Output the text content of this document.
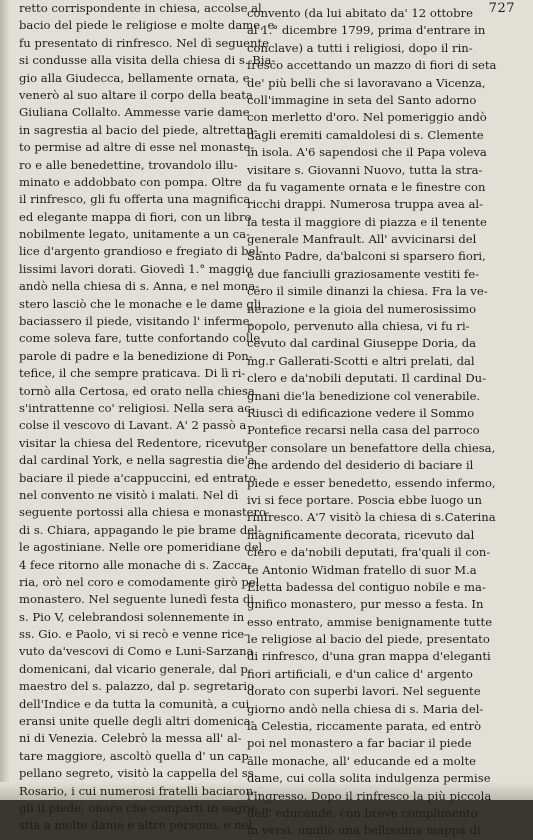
727
retto corrispondente in chiesa, accolse al
bacio del piede le religiose e molte dame, e
fu presentato di rinfresco. Nel dì seguente
si condusse alla visita della chiesa di s. Bia-
gio alla Giudecca, bellamente ornata, e
venerò al suo altare il corpo della beata
Giuliana Collalto. Ammesse varie dame
in sagrestia al bacio del piede, altrettan-
to permise ad altre di esse nel monaste-
ro e alle benedettine, trovandolo illu-
minato e addobbato con pompa. Oltre
il rinfresco, gli fu offerta una magnifica
ed elegante mappa di fiori, con un libro
nobilmente legato, unitamente a un ca-
lice d'argento grandioso e fregiato di bel-
lissimi lavori dorati. Giovedì 1.° maggio
andò nella chiesa di s. Anna, e nel mona-
stero lasciò che le monache e le dame gli
baciassero il piede, visitando l' inferme,
come soleva fare, tutte confortando colle
parole di padre e la benedizione di Pon-
tefice, il che sempre praticava. Di lì ri-
tornò alla Certosa, ed orato nella chiesa
s'intrattenne co' religiosi. Nella sera ac-
colse il vescovo di Lavant. A' 2 passò a
visitar la chiesa del Redentore, ricevuto
dal cardinal York, e nella sagrestia die'a
baciare il piede a'cappuccini, ed entrato
nel convento ne visitò i malati. Nel dì
seguente portossi alla chiesa e monastero
di s. Chiara, appagando le pie brame del-
le agostiniane. Nelle ore pomeridiane del
4 fece ritorno alle monache di s. Zacca-
ria, orò nel coro e comodamente girò pel
monastero. Nel seguente lunedì festa di
s. Pio V, celebrandosi solennemente in
ss. Gio. e Paolo, vi si recò e venne rice-
vuto da'vescovi di Como e Luni-Sarzana
domenicani, dal vicario generale, dal p.
maestro del s. palazzo, dal p. segretario
dell'Indice e da tutta la comunità, a cui
eransi unite quelle degli altri domenica-
ni di Venezia. Celebrò la messa all' al-
tare maggiore, ascoltò quella d' un cap-
pellano segreto, visitò la cappella del ss.
Rosario, i cui numerosi fratelli baciaron-
gli il piede; onore che comparti in sagre-
stia a molte dame e altre persone, e nel
convento (da lui abitato da' 12 ottobre
al 1.° dicembre 1799, prima d'entrare in
conclave) a tutti i religiosi, dopo il rin-
fresco accettando un mazzo di fiori di seta
de' più belli che si lavoravano a Vicenza,
coll'immagine in seta del Santo adorno
con merletto d'oro. Nel pomeriggio andò
dagli eremiti camaldolesi di s. Clemente
in isola. A'6 sapendosi che il Papa voleva
visitare s. Giovanni Nuovo, tutta la stra-
da fu vagamente ornata e le finestre con
ricchi drappi. Numerosa truppa avea al-
la testa il maggiore di piazza e il tenente
generale Manfrault. All' avvicinarsi del
Santo Padre, da'balconi si sparsero fiori,
e due fanciulli graziosamente vestiti fe-
cero il simile dinanzi la chiesa. Fra la ve-
nerazione e la gioia del numerosissimo
popolo, pervenuto alla chiesa, vi fu ri-
cevuto dal cardinal Giuseppe Doria, da
mg.r Gallerati-Scotti e altri prelati, dal
clero e da'nobili deputati. Il cardinal Du-
gnani die'la benedizione col venerabile.
Riuscì di edificazione vedere il Sommo
Pontefice recarsi nella casa del parroco
per consolare un benefattore della chiesa,
che ardendo del desiderio di baciare il
piede e esser benedetto, essendo infermo,
ivi si fece portare. Poscia ebbe luogo un
rinfresco. A'7 visitò la chiesa di s.Caterina
magnificamente decorata, ricevuto dal
clero e da'nobili deputati, fra'quali il con-
te Antonio Widman fratello di suor M.a
Eletta badessa del contiguo nobile e ma-
gnifico monastero, pur messo a festa. In
esso entrato, ammise benignamente tutte
le religiose al bacio del piede, presentato
di rinfresco, d'una gran mappa d'eleganti
fiori artificiali, e d'un calice d' argento
dorato con superbi lavori. Nel seguente
giorno andò nella chiesa di s. Maria del-
la Celestia, riccamente parata, ed entrò
poi nel monastero a far baciar il piede
alle monache, all' educande ed a molte
dame, cui colla solita indulgenza permise
l'ingresso. Dopo il rinfresco la più piccola
dell' educande, con breve complimento
in versi, umiliò una bellissima mappa di
